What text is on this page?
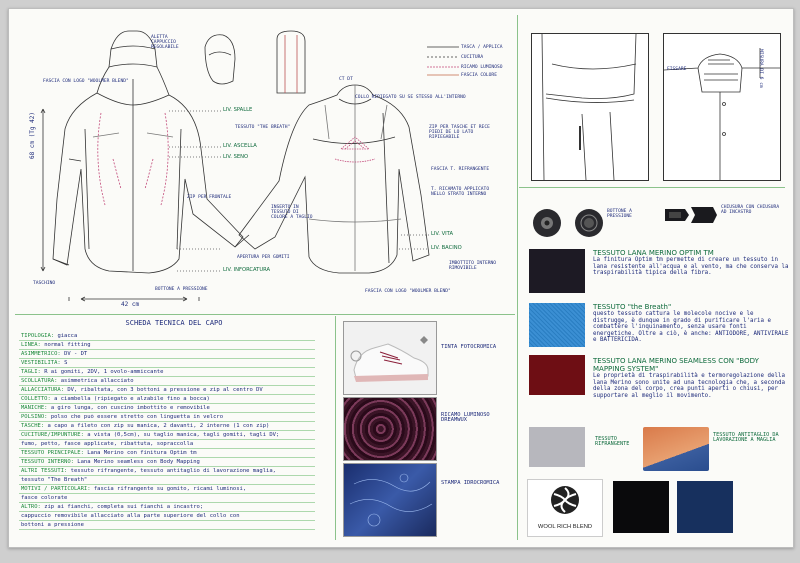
ALETTA
CAPPUCCIO
REGOLABILE
FASCIA CON LOGO "WOOLMER BLEND"
TASCA / APPLICA
CUCITURA
RICAMO LUMINOSO
FASCIA COLORE
LIV. SPALLE
LIV. ASCELLA
LIV. SENO
LIV. INFORCATURA
LIV. VITA
LIV. BACINO
TESSUTO "THE BREATH"
ZIP PER FRONTALE
COLLO RIPIEGATO SU SE STESSO ALL'INTERNO
ZIP PER TASCHE ET RECE PIEDI DE LO LATO RIPIEGABILE
FASCIA T. RIFRANGENTE
T. RICAMATO APPLICATO NELLO STRATO INTERNO
IMBOTTITO INTERNO RIMOVIBILE
FASCIA CON LOGO "WOOLMER BLEND"
TASCHINO
BOTTONE A PRESSIONE
APERTURA PER GOMITI
INSERTO IN TESSUTO DI COLORE A TAGLIO
CT DT
68 cm (Tg 42)
42 cm
FISSARE	MISURA DI 6 cm
BOTTONE A PRESSIONE
CHIUSURA CON CHIUSURA AD INCASTRO
TESSUTO LANA MERINO OPTIM TM
La finitura Optim tm permette di creare un tessuto in lana resistente all'acqua e al vento, ma che conserva la traspirabilità tipica della fibra.
TESSUTO "the Breath"
questo tessuto cattura le molecole nocive e le distrugge, è dunque in grado di purificare l'aria e combattere l'inquinamento, senza usare fonti energetiche. Oltre a ciò, è anche: ANTIODORE, ANTIVIRALE e BATTERICIDA.
TESSUTO LANA MERINO SEAMLESS CON "BODY MAPPING SYSTEM"
Le proprietà di traspirabilità e termoregolazione della lana Merino sono unite ad una tecnologia che, a seconda della zona del corpo, crea punti aperti o chiusi, per supportare al meglio il movimento.
TESSUTO RIFRANGENTE
TESSUTO ANTITAGLIO DA LAVORAZIONE A MAGLIA
WOOL RICH BLEND
SCHEDA TECNICA DEL CAPO
TIPOLOGIA: giacca
LINEA: normal fitting
ASIMMETRICO: DV - DT
VESTIBILITÀ: S
TAGLI: R ai gomiti, 2DV, 1 ovolo-ammiccante
SCOLLATURA: asimmetrica allacciato
ALLACCIATURA: DV, ribaltata, con 3 bottoni a pressione e zip al centro DV
COLLETTO: a ciambella (ripiegato e alzabile fino a bocca)
MANICHE: a giro lunga, con cuscino imbottito e removibile
POLSINO: polso che può essere stretto con linguetta in velcro
TASCHE: a capo a fileto con zip su manica, 2 davanti, 2 interne (1 con zip)
CUCITURE/IMPUNTURE: a vista (0,5cm), su taglio manica, tagli gomiti, tagli DV;
fumo, petto, fasce applicate, ribattuta, sopraccolla
TESSUTO PRINCIPALE: Lana Merino con finitura Optim tm
TESSUTO INTERNO: Lana Merino seamless con Body Mapping
ALTRI TESSUTI: tessuto rifrangente, tessuto antitaglio di lavorazione maglia,
tessuto "The Breath"
MOTIVI / PARTICOLARI: fascia rifrangente su gomito, ricami luminosi,
fasce colorate
ALTRO: zip ai fianchi, completa sui fianchi a incastro;
cappuccio removibile allacciato alla parte superiore del collo con
bottoni a pressione
TINTA FOTOCROMICA
RICAMO LUMINOSO DREAMWUX
STAMPA IDROCROMICA
